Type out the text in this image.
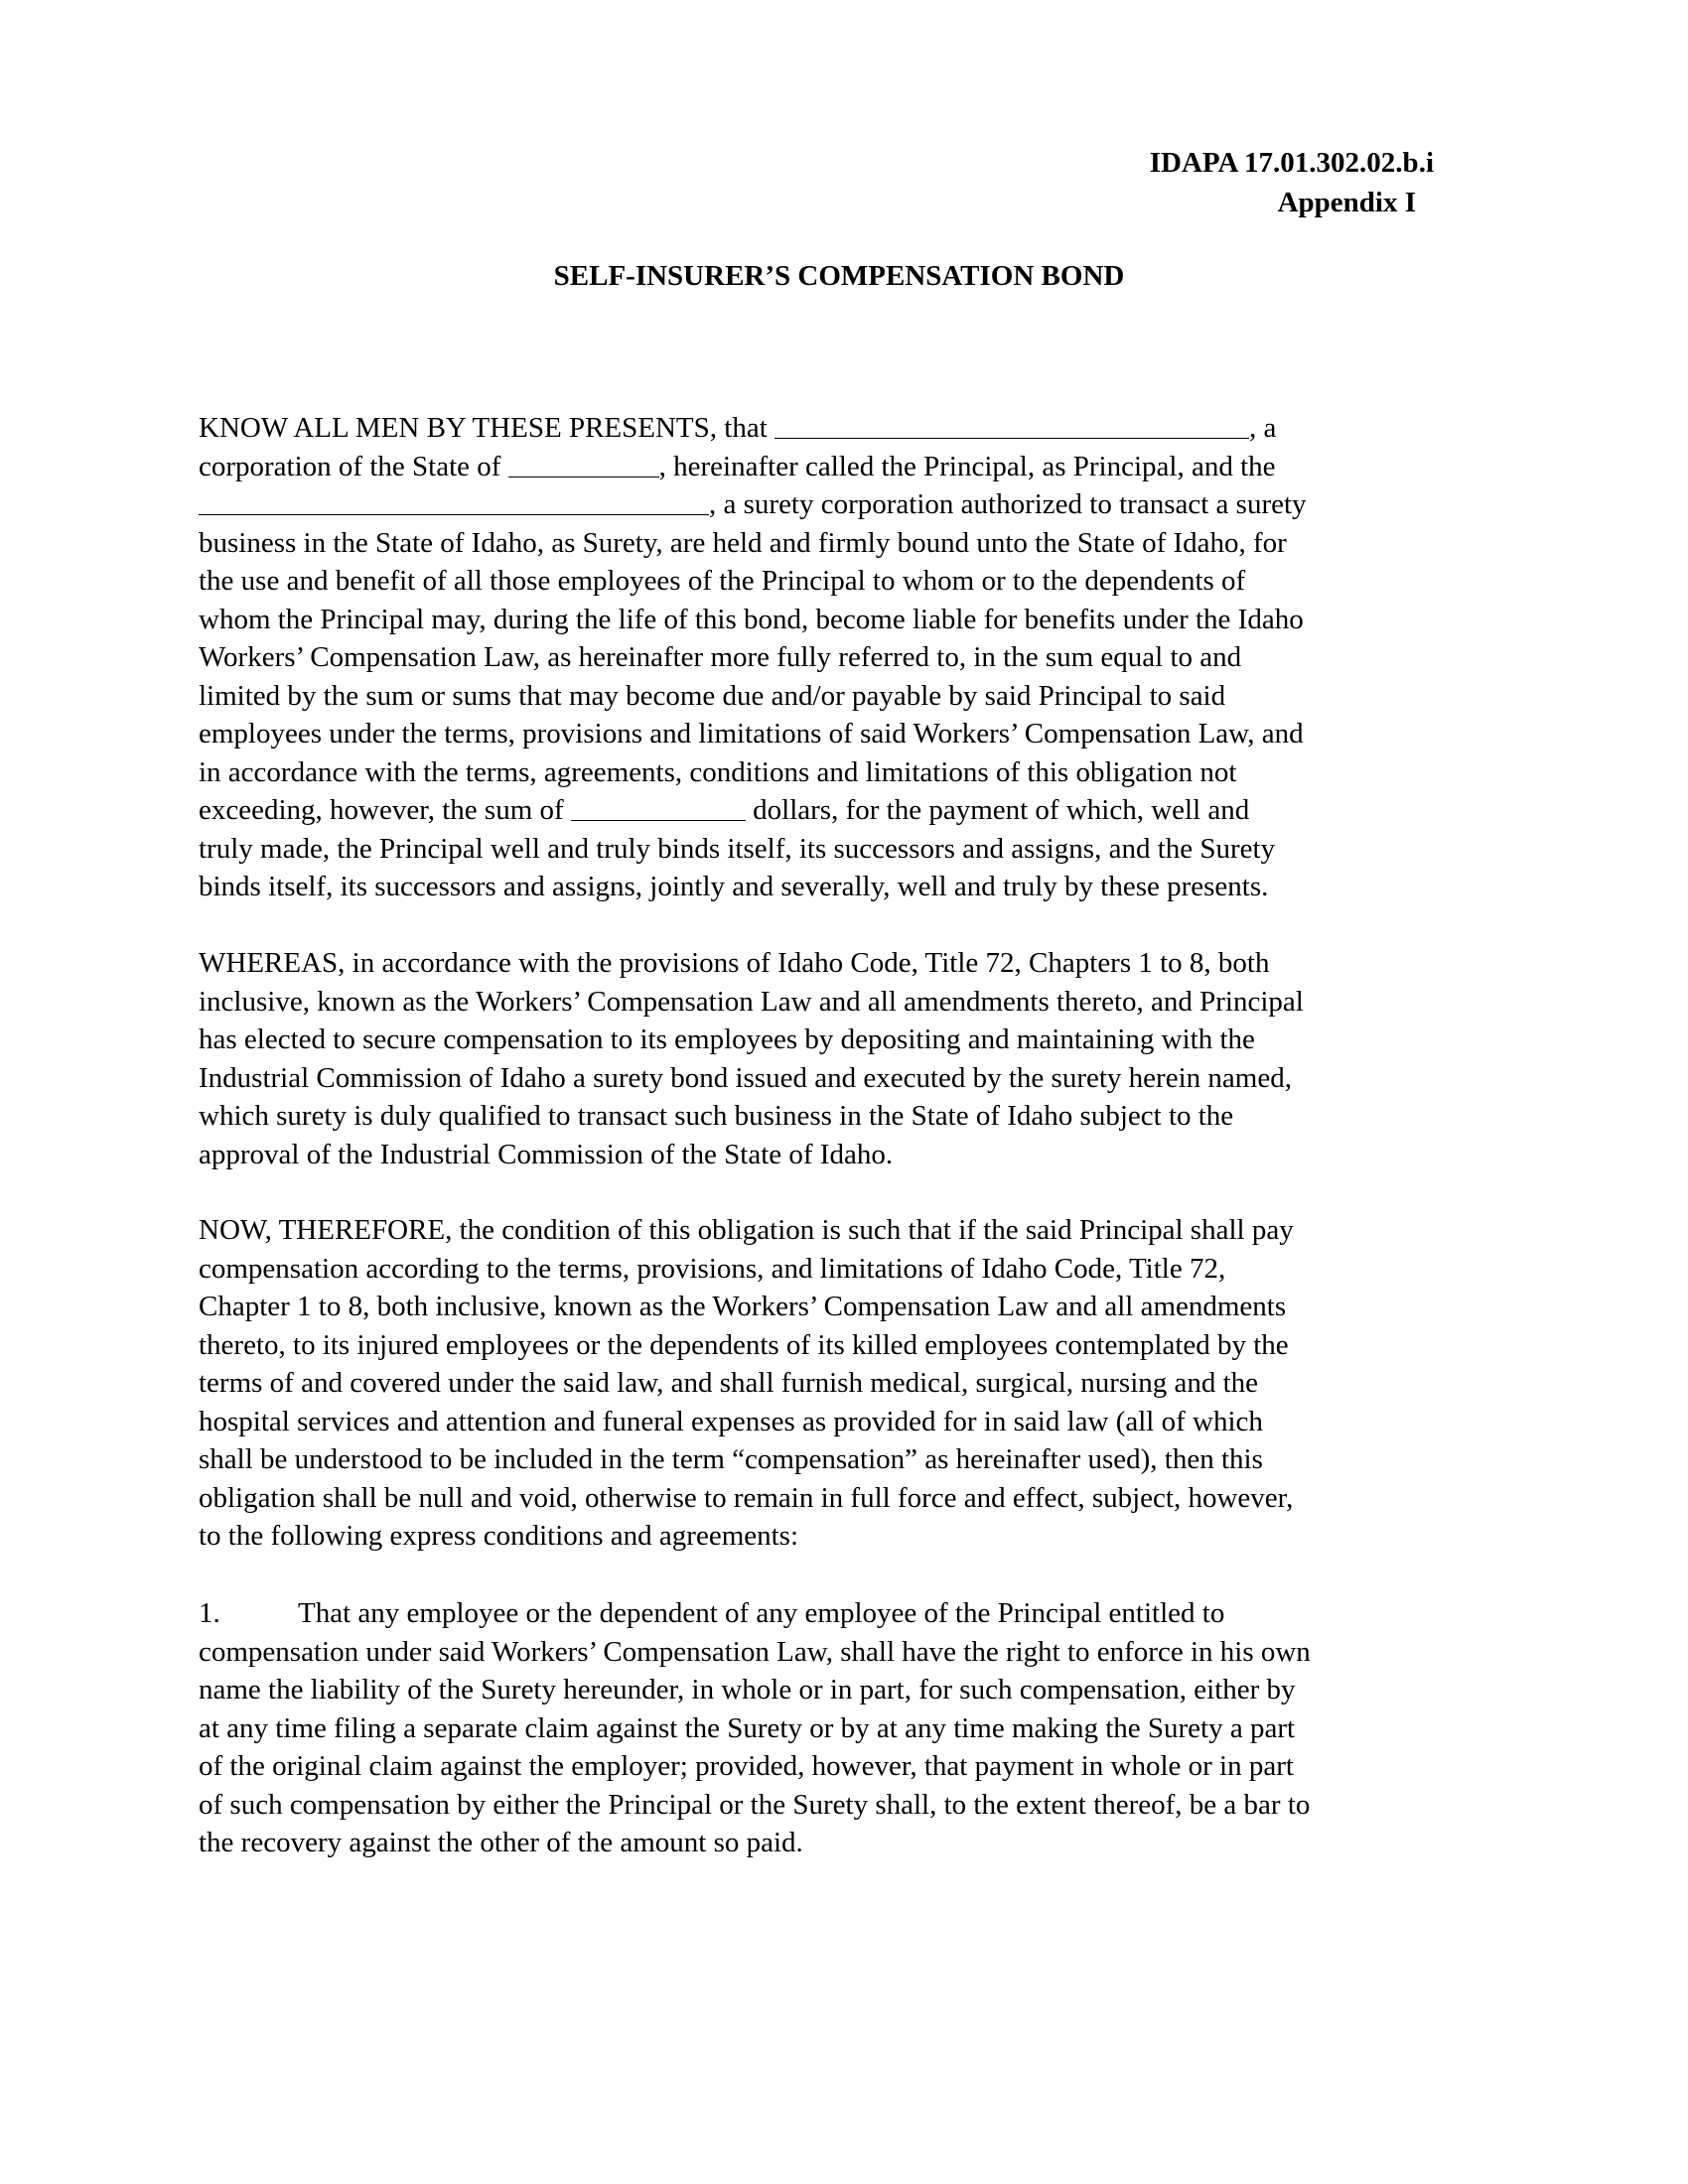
IDAPA 17.01.302.02.b.i
Appendix I
SELF-INSURER’S COMPENSATION BOND
KNOW ALL MEN BY THESE PRESENTS, that	, a
corporation of the State of	, hereinafter called the Principal, as Principal, and the
, a surety corporation authorized to transact a surety
business in the State of Idaho, as Surety, are held and firmly bound unto the State of Idaho, for
the use and benefit of all those employees of the Principal to whom or to the dependents of
whom the Principal may, during the life of this bond, become liable for benefits under the Idaho
Workers’ Compensation Law, as hereinafter more fully referred to, in the sum equal to and
limited by the sum or sums that may become due and/or payable by said Principal to said
employees under the terms, provisions and limitations of said Workers’ Compensation Law, and
in accordance with the terms, agreements, conditions and limitations of this obligation not
exceeding, however, the sum of	dollars, for the payment of which, well and
truly made, the Principal well and truly binds itself, its successors and assigns, and the Surety
binds itself, its successors and assigns, jointly and severally, well and truly by these presents.
WHEREAS, in accordance with the provisions of Idaho Code, Title 72, Chapters 1 to 8, both
inclusive, known as the Workers’ Compensation Law and all amendments thereto, and Principal
has elected to secure compensation to its employees by depositing and maintaining with the
Industrial Commission of Idaho a surety bond issued and executed by the surety herein named,
which surety is duly qualified to transact such business in the State of Idaho subject to the
approval of the Industrial Commission of the State of Idaho.
NOW, THEREFORE, the condition of this obligation is such that if the said Principal shall pay
compensation according to the terms, provisions, and limitations of Idaho Code, Title 72,
Chapter 1 to 8, both inclusive, known as the Workers’ Compensation Law and all amendments
thereto, to its injured employees or the dependents of its killed employees contemplated by the
terms of and covered under the said law, and shall furnish medical, surgical, nursing and the
hospital services and attention and funeral expenses as provided for in said law (all of which
shall be understood to be included in the term “compensation” as hereinafter used), then this
obligation shall be null and void, otherwise to remain in full force and effect, subject, however,
to the following express conditions and agreements:
1.	That any employee or the dependent of any employee of the Principal entitled to
compensation under said Workers’ Compensation Law, shall have the right to enforce in his own
name the liability of the Surety hereunder, in whole or in part, for such compensation, either by
at any time filing a separate claim against the Surety or by at any time making the Surety a part
of the original claim against the employer; provided, however, that payment in whole or in part
of such compensation by either the Principal or the Surety shall, to the extent thereof, be a bar to
the recovery against the other of the amount so paid.
